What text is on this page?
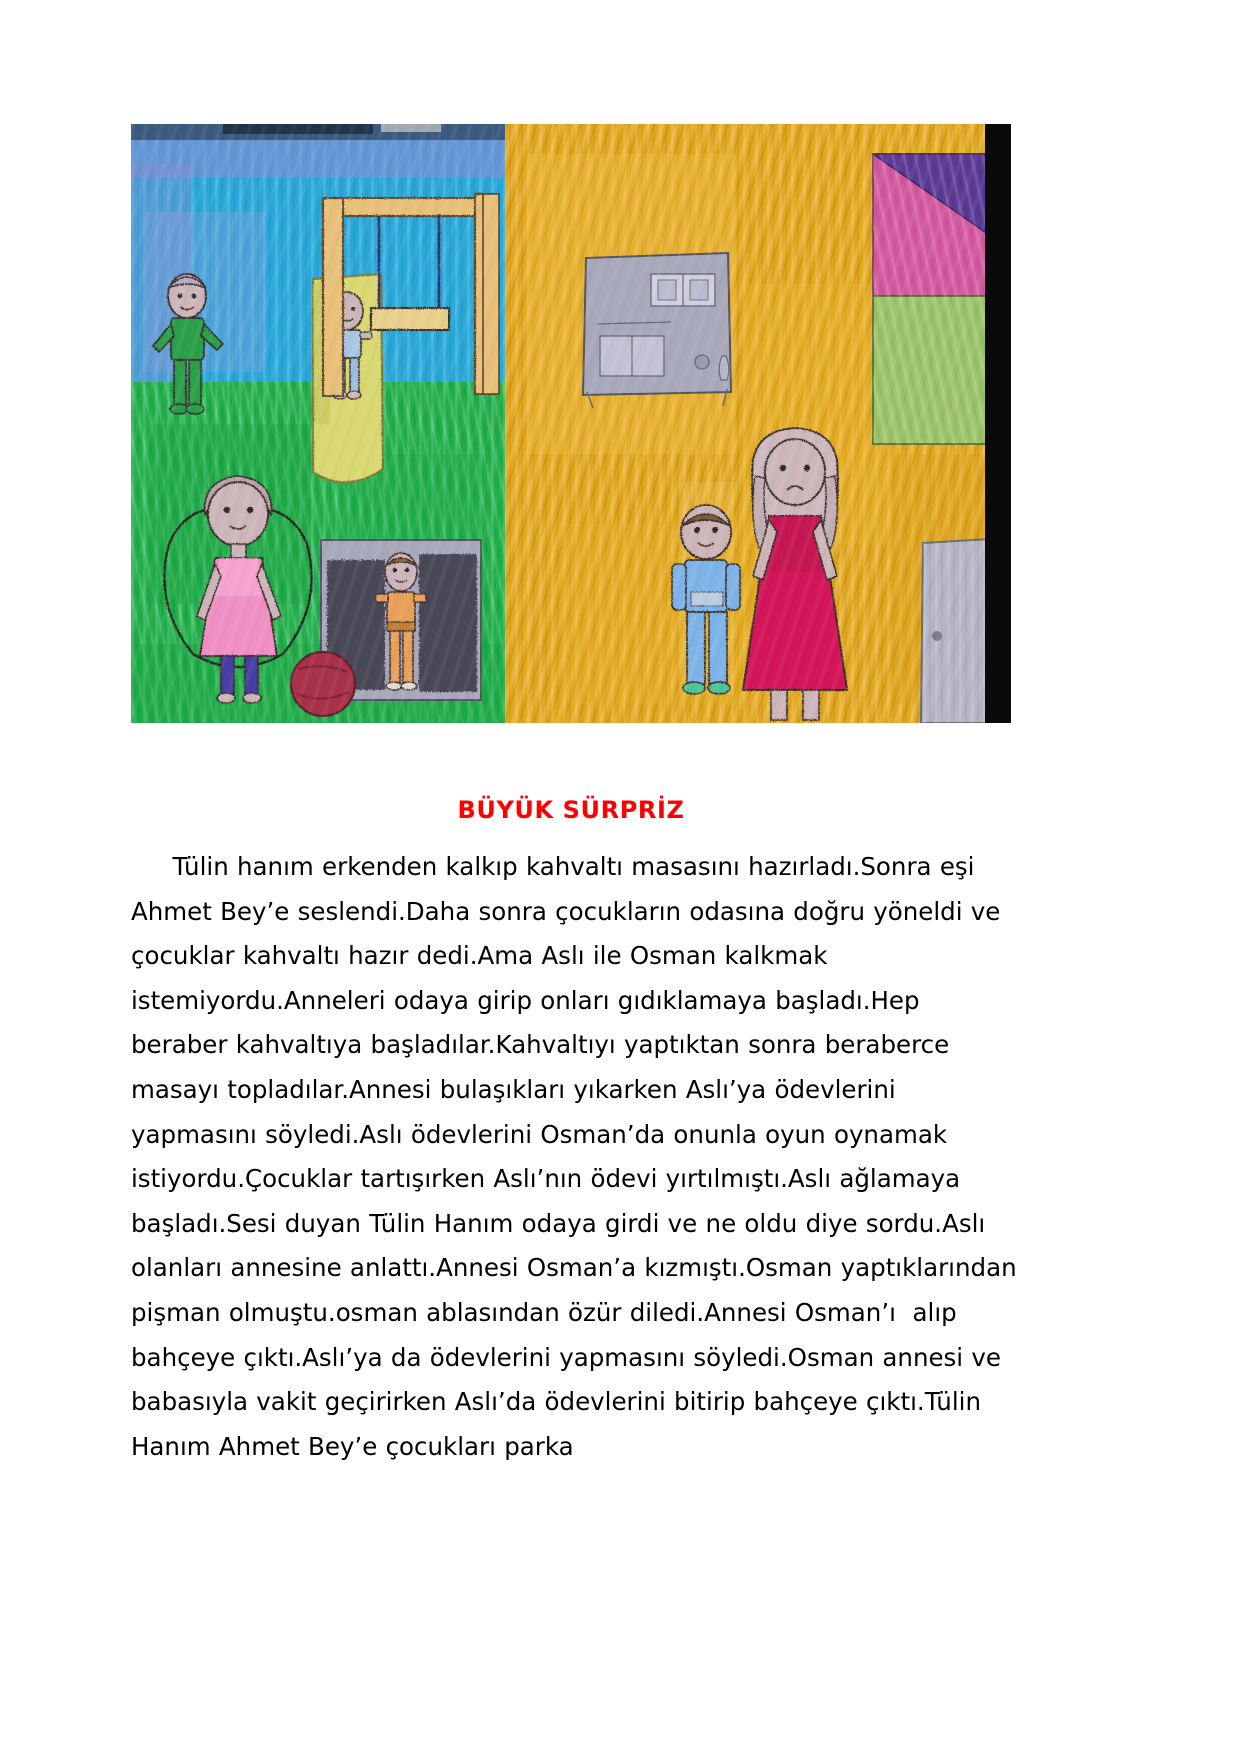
BÜYÜK SÜRPRİZ
Tülin hanım erkenden kalkıp kahvaltı masasını hazırladı.Sonra eşi Ahmet Bey’e seslendi.Daha sonra çocukların odasına doğru yöneldi ve çocuklar kahvaltı hazır dedi.Ama Aslı ile Osman kalkmak istemiyordu.Anneleri odaya girip onları gıdıklamaya başladı.Hep beraber kahvaltıya başladılar.Kahvaltıyı yaptıktan sonra beraberce masayı topladılar.Annesi bulaşıkları yıkarken Aslı’ya ödevlerini yapmasını söyledi.Aslı ödevlerini Osman’da onunla oyun oynamak istiyordu.Çocuklar tartışırken Aslı’nın ödevi yırtılmıştı.Aslı ağlamaya başladı.Sesi duyan Tülin Hanım odaya girdi ve ne oldu diye sordu.Aslı olanları annesine anlattı.Annesi Osman’a kızmıştı.Osman yaptıklarından  pişman olmuştu.osman ablasından özür diledi.Annesi Osman’ı  alıp bahçeye çıktı.Aslı’ya da ödevlerini yapmasını söyledi.Osman annesi ve babasıyla vakit geçirirken Aslı’da ödevlerini bitirip bahçeye çıktı.Tülin Hanım Ahmet Bey’e çocukları parka
